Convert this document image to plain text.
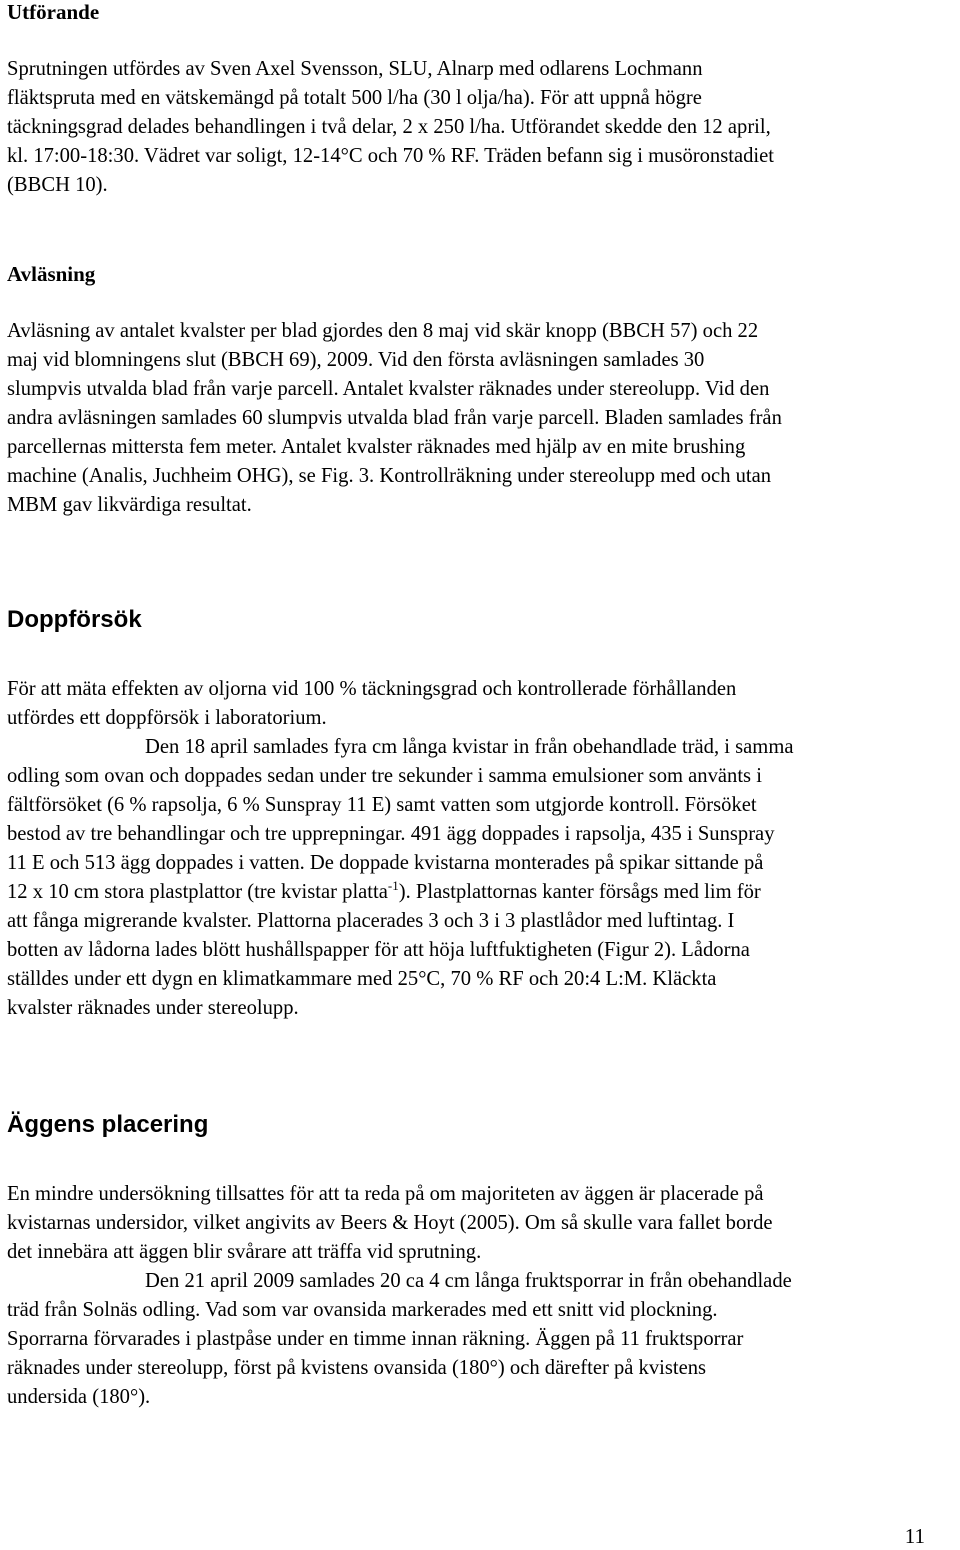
Utförande

Sprutningen utfördes av Sven Axel Svensson, SLU, Alnarp med odlarens Lochmann
fläktspruta med en vätskemängd på totalt 500 l/ha (30 l olja/ha). För att uppnå högre
täckningsgrad delades behandlingen i två delar, 2 x 250 l/ha. Utförandet skedde den 12 april,
kl. 17:00-18:30. Vädret var soligt, 12-14°C och 70 % RF. Träden befann sig i musöronstadiet
(BBCH 10).

Avläsning

Avläsning av antalet kvalster per blad gjordes den 8 maj vid skär knopp (BBCH 57) och 22
maj vid blomningens slut (BBCH 69), 2009. Vid den första avläsningen samlades 30
slumpvis utvalda blad från varje parcell. Antalet kvalster räknades under stereolupp. Vid den
andra avläsningen samlades 60 slumpvis utvalda blad från varje parcell. Bladen samlades från
parcellernas mittersta fem meter. Antalet kvalster räknades med hjälp av en mite brushing
machine (Analis, Juchheim OHG), se Fig. 3. Kontrollräkning under stereolupp med och utan
MBM gav likvärdiga resultat.

Doppförsök

För att mäta effekten av oljorna vid 100 % täckningsgrad och kontrollerade förhållanden
utfördes ett doppförsök i laboratorium.
Den 18 april samlades fyra cm långa kvistar in från obehandlade träd, i samma
odling som ovan och doppades sedan under tre sekunder i samma emulsioner som använts i
fältförsöket (6 % rapsolja, 6 % Sunspray 11 E) samt vatten som utgjorde kontroll. Försöket
bestod av tre behandlingar och tre upprepningar. 491 ägg doppades i rapsolja, 435 i Sunspray
11 E och 513 ägg doppades i vatten. De doppade kvistarna monterades på spikar sittande på
12 x 10 cm stora plastplattor (tre kvistar platta$^{-1}$). Plastplattornas kanter försågs med lim för
att fånga migrerande kvalster. Plattorna placerades 3 och 3 i 3 plastlådor med luftintag. I
botten av lådorna lades blött hushållspapper för att höja luftfuktigheten (Figur 2). Lådorna
ställdes under ett dygn en klimatkammare med 25°C, 70 % RF och 20:4 L:M. Kläckta
kvalster räknades under stereolupp.

Äggens placering

En mindre undersökning tillsattes för att ta reda på om majoriteten av äggen är placerade på
kvistarnas undersidor, vilket angivits av Beers & Hoyt (2005). Om så skulle vara fallet borde
det innebära att äggen blir svårare att träffa vid sprutning.
Den 21 april 2009 samlades 20 ca 4 cm långa fruktsporrar in från obehandlade
träd från Solnäs odling. Vad som var ovansida markerades med ett snitt vid plockning.
Sporrarna förvarades i plastpåse under en timme innan räkning. Äggen på 11 fruktsporrar
räknades under stereolupp, först på kvistens ovansida (180°) och därefter på kvistens
undersida (180°).

11
